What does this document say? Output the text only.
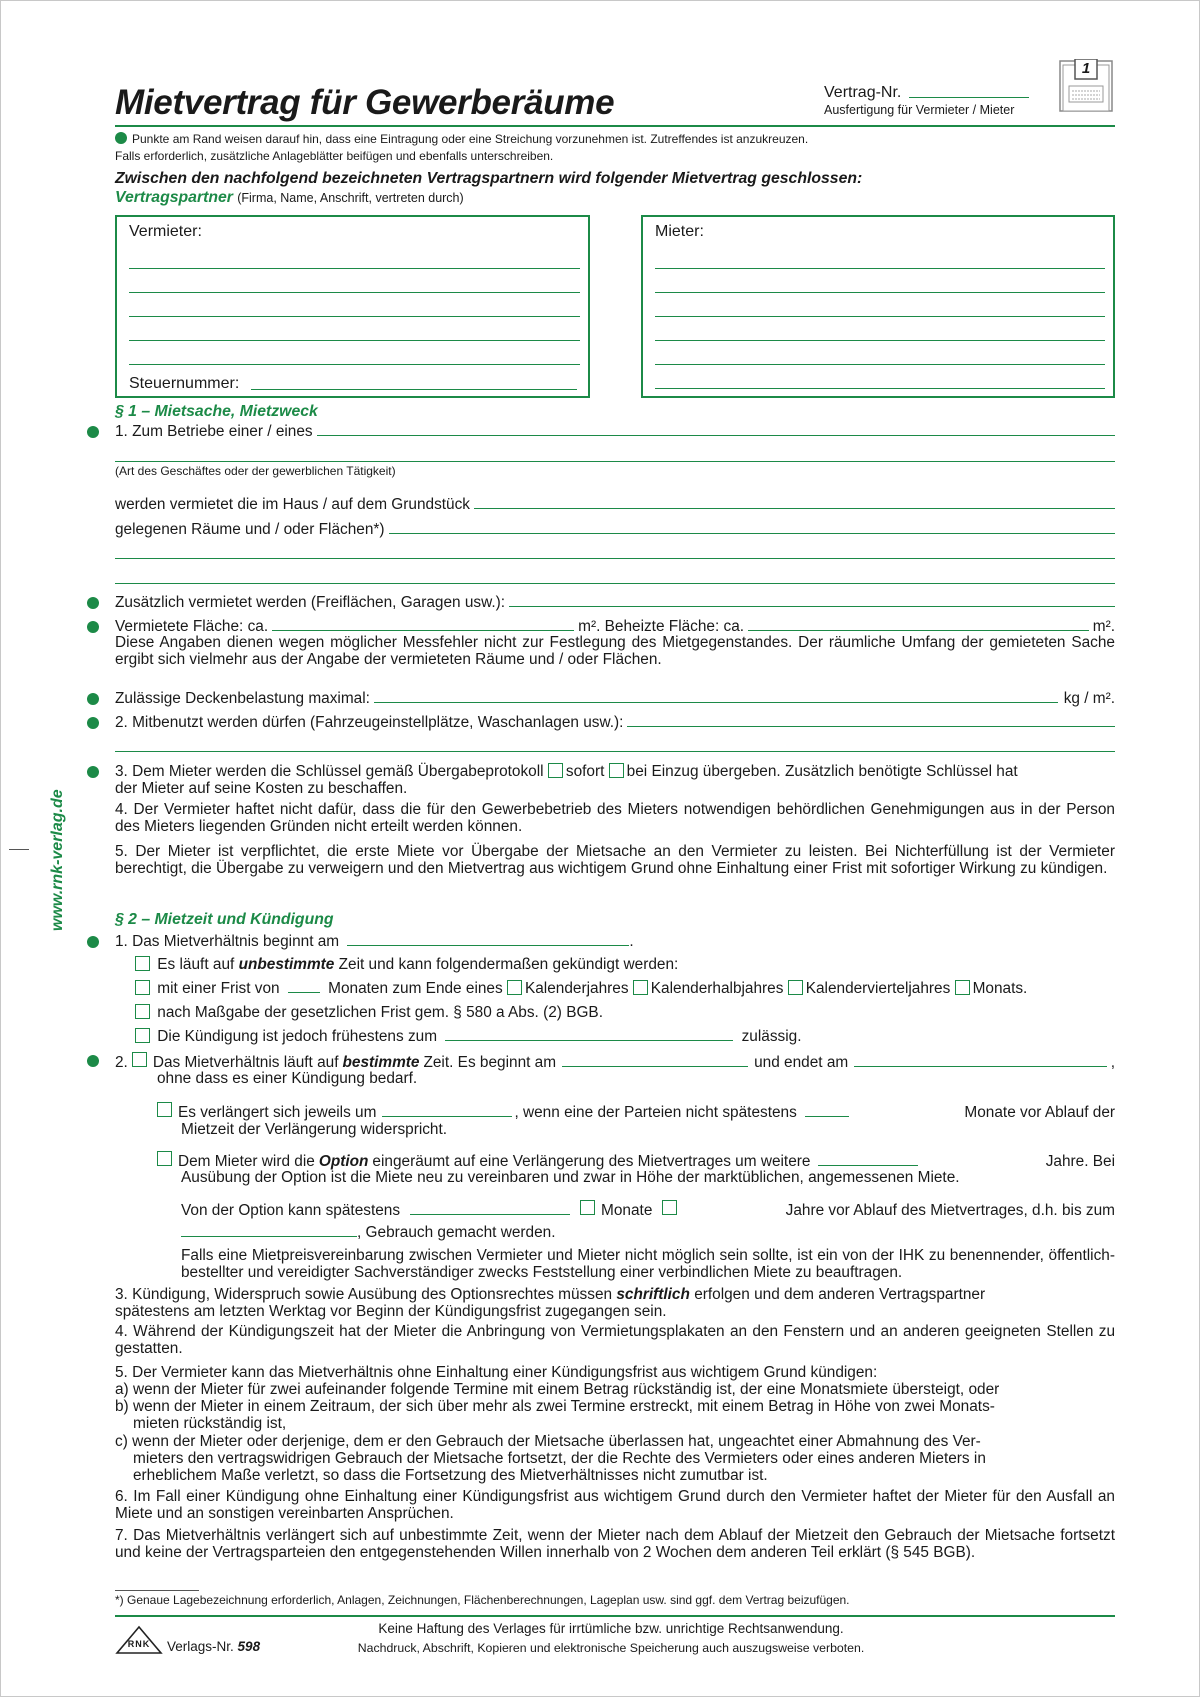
Mietvertrag für Gewerberäume	Vertrag-Nr.
Ausfertigung für Vermieter / Mieter
1
Punkte am Rand weisen darauf hin, dass eine Eintragung oder eine Streichung vorzunehmen ist. Zutreffendes ist anzukreuzen.
Falls erforderlich, zusätzliche Anlageblätter beifügen und ebenfalls unterschreiben.
Zwischen den nachfolgend bezeichneten Vertragspartnern wird folgender Mietvertrag geschlossen:
Vertragspartner (Firma, Name, Anschrift, vertreten durch)
Vermieter:
Steuernummer:
Mieter:
www.rnk-verlag.de
§ 1 – Mietsache, Mietzweck
1. Zum Betriebe einer / eines
(Art des Geschäftes oder der gewerblichen Tätigkeit)
werden vermietet die im Haus / auf dem Grundstück
gelegenen Räume und / oder Flächen*)
Zusätzlich vermietet werden (Freiflächen, Garagen usw.):
Vermietete Fläche: ca.	m². Beheizte Fläche: ca.	m².
Diese Angaben dienen wegen möglicher Messfehler nicht zur Festlegung des Mietgegenstandes. Der räumliche Umfang der gemieteten Sache ergibt sich vielmehr aus der Angabe der vermieteten Räume und / oder Flächen.
Zulässige Deckenbelastung maximal:	kg / m².
2. Mitbenutzt werden dürfen (Fahrzeugeinstellplätze, Waschanlagen usw.):
3. Dem Mieter werden die Schlüssel gemäß Übergabeprotokoll sofort bei Einzug übergeben. Zusätzlich benötigte Schlüssel hat
der Mieter auf seine Kosten zu beschaffen.
4. Der Vermieter haftet nicht dafür, dass die für den Gewerbebetrieb des Mieters notwendigen behördlichen Genehmigungen aus in der Person des Mieters liegenden Gründen nicht erteilt werden können.
5. Der Mieter ist verpflichtet, die erste Miete vor Übergabe der Mietsache an den Vermieter zu leisten. Bei Nichterfüllung ist der Vermieter berechtigt, die Übergabe zu verweigern und den Mietvertrag aus wichtigem Grund ohne Einhaltung einer Frist mit sofortiger Wirkung zu kündigen.
§ 2 – Mietzeit und Kündigung
1. Das Mietverhältnis beginnt am	.
Es läuft auf unbestimmte Zeit und kann folgendermaßen gekündigt werden:
mit einer Frist von	Monaten zum Ende eines Kalenderjahres Kalenderhalbjahres Kalendervierteljahres Monats.
nach Maßgabe der gesetzlichen Frist gem. § 580 a Abs. (2) BGB.
Die Kündigung ist jedoch frühestens zum	zulässig.
2. Das Mietverhältnis läuft auf bestimmte Zeit. Es beginnt am	und endet am	,
ohne dass es einer Kündigung bedarf.
Es verlängert sich jeweils um	, wenn eine der Parteien nicht spätestens	Monate vor Ablauf der
Mietzeit der Verlängerung widerspricht.
Dem Mieter wird die Option eingeräumt auf eine Verlängerung des Mietvertrages um weitere	Jahre. Bei
Ausübung der Option ist die Miete neu zu vereinbaren und zwar in Höhe der marktüblichen, angemessenen Miete.
Von der Option kann spätestens	Monate	Jahre vor Ablauf des Mietvertrages, d.h. bis zum
, Gebrauch gemacht werden.
Falls eine Mietpreisvereinbarung zwischen Vermieter und Mieter nicht möglich sein sollte, ist ein von der IHK zu benennender, öffentlich-bestellter und vereidigter Sachverständiger zwecks Feststellung einer verbindlichen Miete zu beauftragen.
3. Kündigung, Widerspruch sowie Ausübung des Optionsrechtes müssen schriftlich erfolgen und dem anderen Vertragspartner
spätestens am letzten Werktag vor Beginn der Kündigungsfrist zugegangen sein.
4. Während der Kündigungszeit hat der Mieter die Anbringung von Vermietungsplakaten an den Fenstern und an anderen geeigneten Stellen zu gestatten.
5. Der Vermieter kann das Mietverhältnis ohne Einhaltung einer Kündigungsfrist aus wichtigem Grund kündigen:
a) wenn der Mieter für zwei aufeinander folgende Termine mit einem Betrag rückständig ist, der eine Monatsmiete übersteigt, oder
b) wenn der Mieter in einem Zeitraum, der sich über mehr als zwei Termine erstreckt, mit einem Betrag in Höhe von zwei Monats-
mieten rückständig ist,
c) wenn der Mieter oder derjenige, dem er den Gebrauch der Mietsache überlassen hat, ungeachtet einer Abmahnung des Ver-
mieters den vertragswidrigen Gebrauch der Mietsache fortsetzt, der die Rechte des Vermieters oder eines anderen Mieters in
erheblichem Maße verletzt, so dass die Fortsetzung des Mietverhältnisses nicht zumutbar ist.
6. Im Fall einer Kündigung ohne Einhaltung einer Kündigungsfrist aus wichtigem Grund durch den Vermieter haftet der Mieter für den Ausfall an Miete und an sonstigen vereinbarten Ansprüchen.
7. Das Mietverhältnis verlängert sich auf unbestimmte Zeit, wenn der Mieter nach dem Ablauf der Mietzeit den Gebrauch der Mietsache fortsetzt und keine der Vertragsparteien den entgegenstehenden Willen innerhalb von 2 Wochen dem anderen Teil erklärt (§ 545 BGB).
*) Genaue Lagebezeichnung erforderlich, Anlagen, Zeichnungen, Flächenberechnungen, Lageplan usw. sind ggf. dem Vertrag beizufügen.
RNK Verlags-Nr. 598
Keine Haftung des Verlages für irrtümliche bzw. unrichtige Rechtsanwendung.
Nachdruck, Abschrift, Kopieren und elektronische Speicherung auch auszugsweise verboten.
